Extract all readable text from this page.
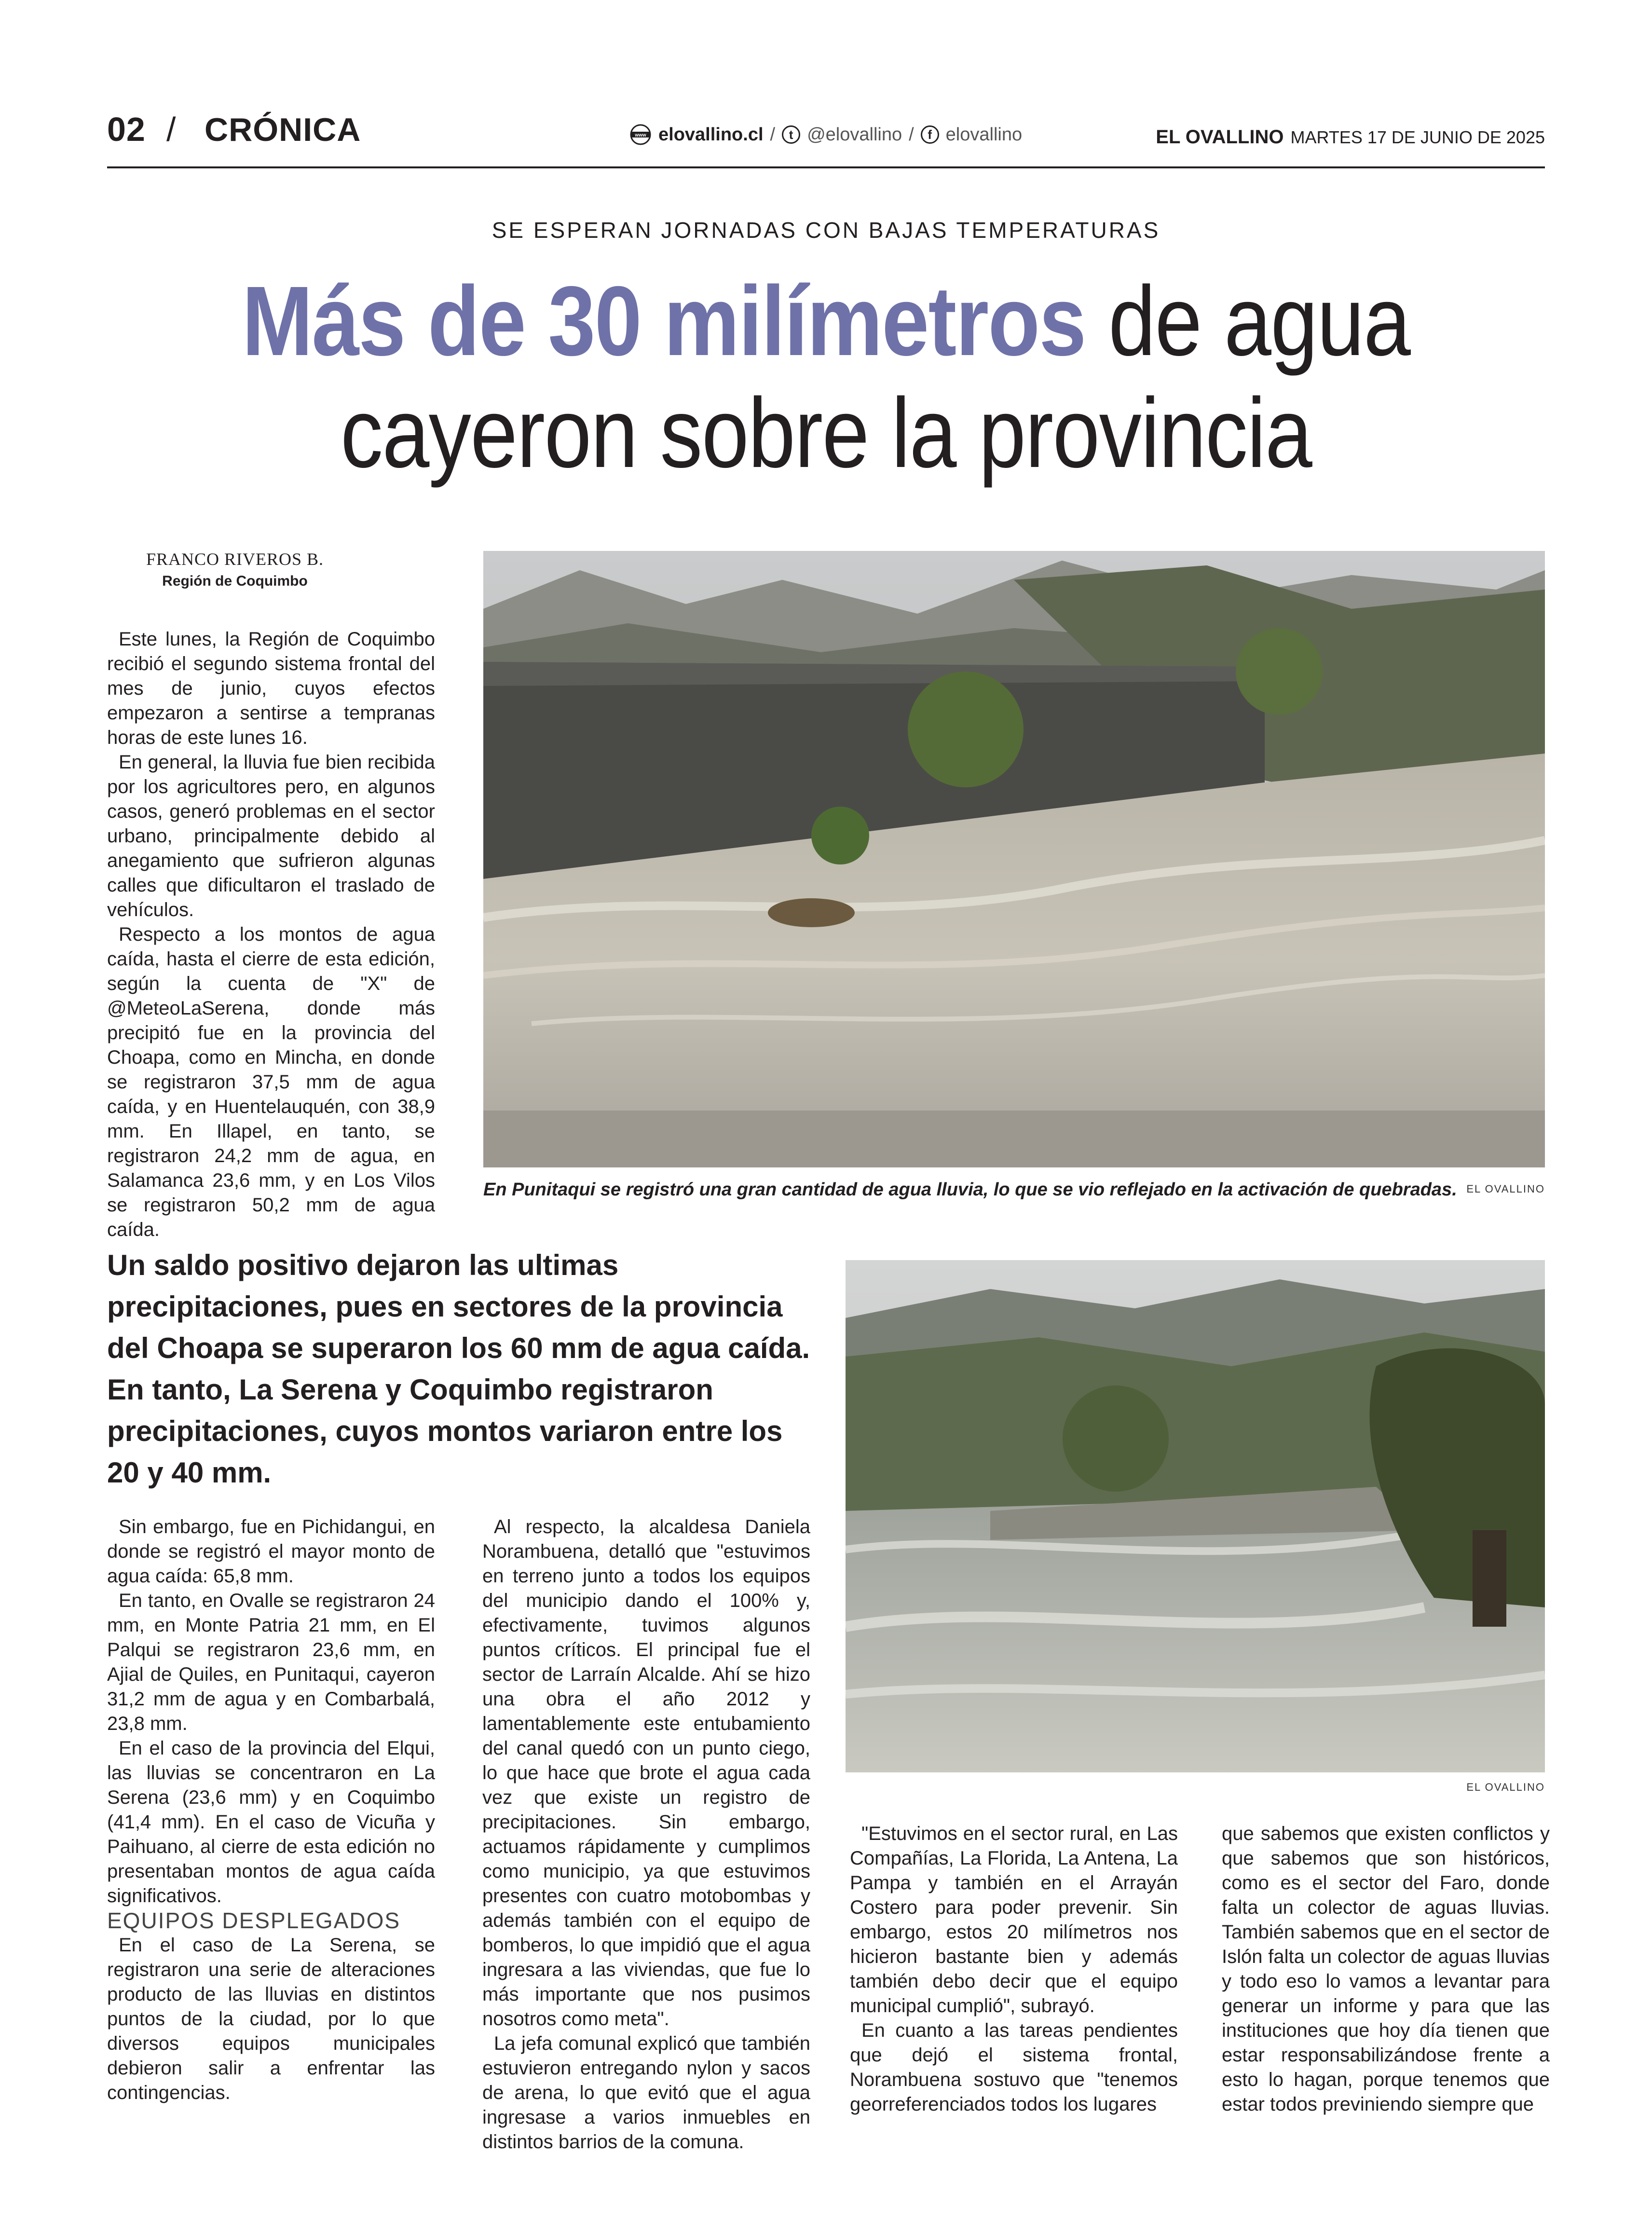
02 / CRÓNICA	www elovallino.cl /	t @elovallino /	f elovallino	EL OVALLINO MARTES 17 DE JUNIO DE 2025
SE ESPERAN JORNADAS CON BAJAS TEMPERATURAS
Más de 30 milímetros de agua
cayeron sobre la provincia
FRANCO RIVEROS B.
Región de Coquimbo

Este lunes, la Región de Coquimbo recibió el segundo sistema frontal del mes de junio, cuyos efectos empezaron a sentirse a tempranas horas de este lunes 16.

En general, la lluvia fue bien recibida por los agricultores pero, en algunos casos, generó problemas en el sector urbano, principalmente debido al anegamiento que sufrieron algunas calles que dificultaron el traslado de vehículos.

Respecto a los montos de agua caída, hasta el cierre de esta edición, según la cuenta de "X" de @MeteoLaSerena, donde más precipitó fue en la provincia del Choapa, como en Mincha, en donde se registraron 37,5 mm de agua caída, y en Huentelauquén, con 38,9 mm. En Illapel, en tanto, se registraron 24,2 mm de agua, en Salamanca 23,6 mm, y en Los Vilos se registraron 50,2 mm de agua caída.

En Punitaqui se registró una gran cantidad de agua lluvia, lo que se vio reflejado en la activación de quebradas. EL OVALLINO
Un saldo positivo dejaron las ultimas precipitaciones, pues en sectores de la provincia del Choapa se superaron los 60 mm de agua caída. En tanto, La Serena y Coquimbo registraron precipitaciones, cuyos montos variaron entre los 20 y 40 mm.
EL OVALLINO

Sin embargo, fue en Pichidangui, en donde se registró el mayor monto de agua caída: 65,8 mm.

En tanto, en Ovalle se registraron 24 mm, en Monte Patria 21 mm, en El Palqui se registraron 23,6 mm, en Ajial de Quiles, en Punitaqui, cayeron 31,2 mm de agua y en Combarbalá, 23,8 mm.

En el caso de la provincia del Elqui, las lluvias se concentraron en La Serena (23,6 mm) y en Coquimbo (41,4 mm). En el caso de Vicuña y Paihuano, al cierre de esta edición no presentaban montos de agua caída significativos.

EQUIPOS DESPLEGADOS

En el caso de La Serena, se registraron una serie de alteraciones producto de las lluvias en distintos puntos de la ciudad, por lo que diversos equipos municipales debieron salir a enfrentar las contingencias.

Al respecto, la alcaldesa Daniela Norambuena, detalló que "estuvimos en terreno junto a todos los equipos del municipio dando el 100% y, efectivamente, tuvimos algunos puntos críticos. El principal fue el sector de Larraín Alcalde. Ahí se hizo una obra el año 2012 y lamentablemente este entubamiento del canal quedó con un punto ciego, lo que hace que brote el agua cada vez que existe un registro de precipitaciones. Sin embargo, actuamos rápidamente y cumplimos como municipio, ya que estuvimos presentes con cuatro motobombas y además también con el equipo de bomberos, lo que impidió que el agua ingresara a las viviendas, que fue lo más importante que nos pusimos nosotros como meta".

La jefa comunal explicó que también estuvieron entregando nylon y sacos de arena, lo que evitó que el agua ingresase a varios inmuebles en distintos barrios de la comuna.

"Estuvimos en el sector rural, en Las Compañías, La Florida, La Antena, La Pampa y también en el Arrayán Costero para poder prevenir. Sin embargo, estos 20 milímetros nos hicieron bastante bien y además también debo decir que el equipo municipal cumplió", subrayó.

En cuanto a las tareas pendientes que dejó el sistema frontal, Norambuena sostuvo que "tenemos georreferenciados todos los lugares

que sabemos que existen conflictos y que sabemos que son históricos, como es el sector del Faro, donde falta un colector de aguas lluvias. También sabemos que en el sector de Islón falta un colector de aguas lluvias y todo eso lo vamos a levantar para generar un informe y para que las instituciones que hoy día tienen que estar responsabilizándose frente a esto lo hagan, porque tenemos que estar todos previniendo siempre que
